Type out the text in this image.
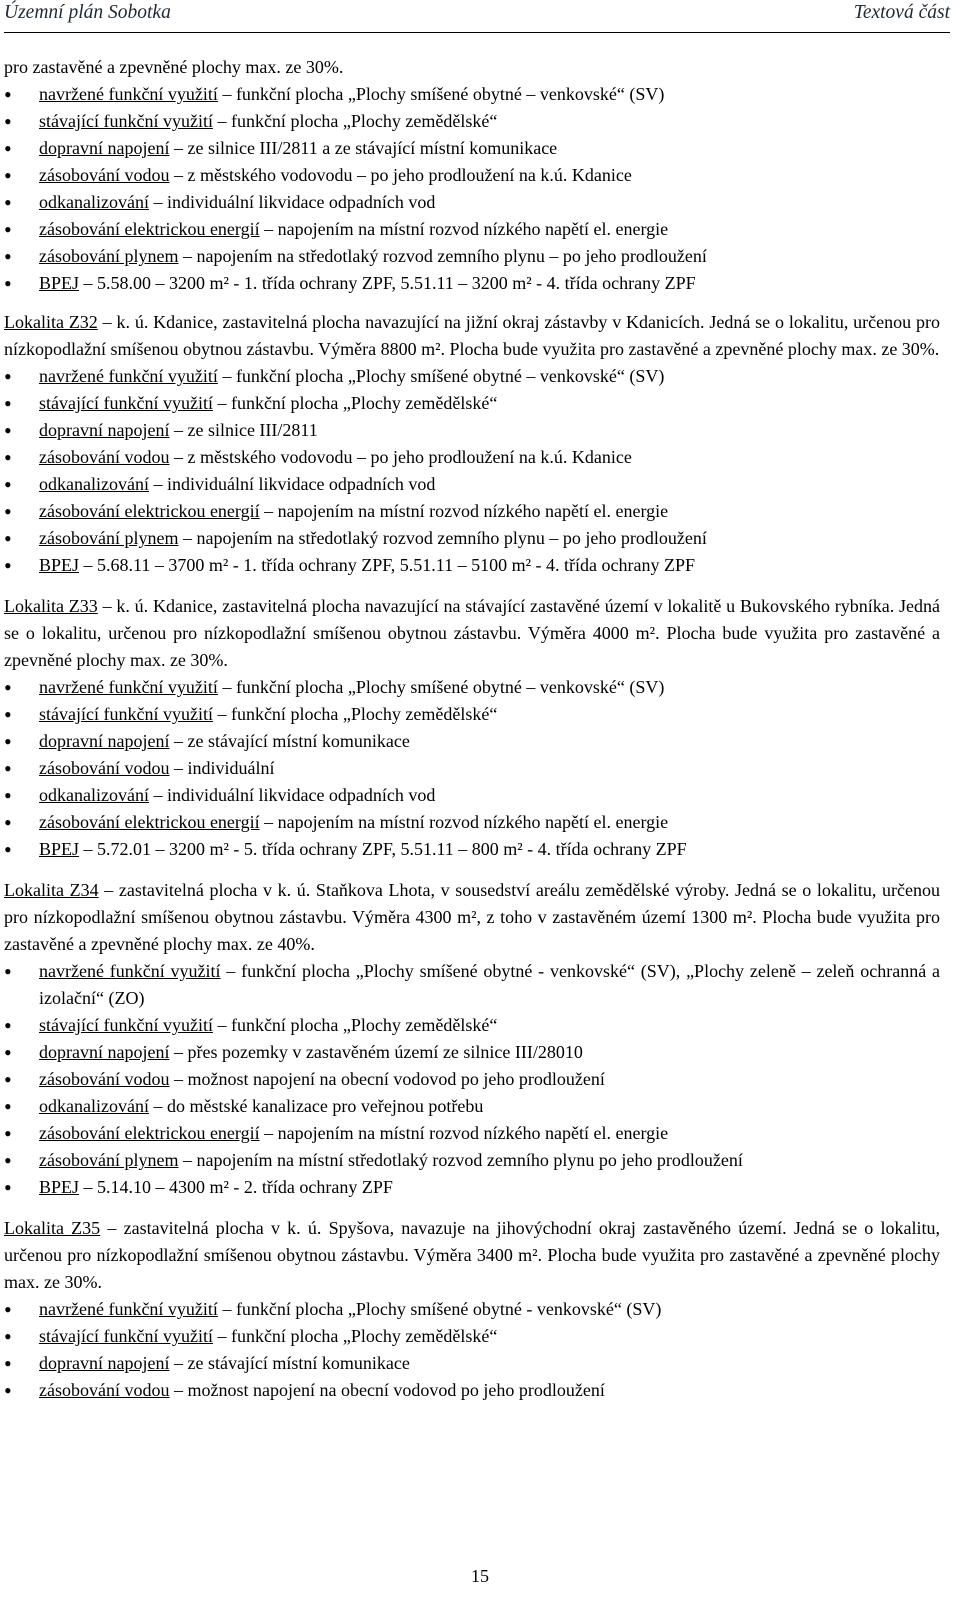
Územní plán Sobotka	Textová část

pro zastavěné a zpevněné plochy max. ze 30%.

• navržené funkční využití – funkční plocha „Plochy smíšené obytné – venkovské“ (SV)
• stávající funkční využití – funkční plocha „Plochy zemědělské“
• dopravní napojení – ze silnice III/2811 a ze stávající místní komunikace
• zásobování vodou – z městského vodovodu – po jeho prodloužení na k.ú. Kdanice
• odkanalizování – individuální likvidace odpadních vod
• zásobování elektrickou energií – napojením na místní rozvod nízkého napětí el. energie
• zásobování plynem – napojením na středotlaký rozvod zemního plynu – po jeho prodloužení
• BPEJ – 5.58.00 – 3200 m² - 1. třída ochrany ZPF, 5.51.11 – 3200 m² - 4. třída ochrany ZPF

Lokalita Z32 – k. ú. Kdanice, zastavitelná plocha navazující na jižní okraj zástavby v Kdanicích. Jedná se o lokalitu, určenou pro nízkopodlažní smíšenou obytnou zástavbu. Výměra 8800 m². Plocha bude využita pro zastavěné a zpevněné plochy max. ze 30%.

• navržené funkční využití – funkční plocha „Plochy smíšené obytné – venkovské“ (SV)
• stávající funkční využití – funkční plocha „Plochy zemědělské“
• dopravní napojení – ze silnice III/2811
• zásobování vodou – z městského vodovodu – po jeho prodloužení na k.ú. Kdanice
• odkanalizování – individuální likvidace odpadních vod
• zásobování elektrickou energií – napojením na místní rozvod nízkého napětí el. energie
• zásobování plynem – napojením na středotlaký rozvod zemního plynu – po jeho prodloužení
• BPEJ – 5.68.11 – 3700 m² - 1. třída ochrany ZPF, 5.51.11 – 5100 m² - 4. třída ochrany ZPF

Lokalita Z33 – k. ú. Kdanice, zastavitelná plocha navazující na stávající zastavěné území v lokalitě u Bukovského rybníka. Jedná se o lokalitu, určenou pro nízkopodlažní smíšenou obytnou zástavbu. Výměra 4000 m². Plocha bude využita pro zastavěné a zpevněné plochy max. ze 30%.

• navržené funkční využití – funkční plocha „Plochy smíšené obytné – venkovské“ (SV)
• stávající funkční využití – funkční plocha „Plochy zemědělské“
• dopravní napojení – ze stávající místní komunikace
• zásobování vodou – individuální
• odkanalizování – individuální likvidace odpadních vod
• zásobování elektrickou energií – napojením na místní rozvod nízkého napětí el. energie
• BPEJ – 5.72.01 – 3200 m² - 5. třída ochrany ZPF, 5.51.11 – 800 m² - 4. třída ochrany ZPF

Lokalita Z34 – zastavitelná plocha v k. ú. Staňkova Lhota, v sousedství areálu zemědělské výroby. Jedná se o lokalitu, určenou pro nízkopodlažní smíšenou obytnou zástavbu. Výměra 4300 m², z toho v zastavěném území 1300 m². Plocha bude využita pro zastavěné a zpevněné plochy max. ze 40%.

• navržené funkční využití – funkční plocha „Plochy smíšené obytné - venkovské“ (SV), „Plochy zeleně – zeleň ochranná a izolační“ (ZO)
• stávající funkční využití – funkční plocha „Plochy zemědělské“
• dopravní napojení – přes pozemky v zastavěném území ze silnice III/28010
• zásobování vodou – možnost napojení na obecní vodovod po jeho prodloužení
• odkanalizování – do městské kanalizace pro veřejnou potřebu
• zásobování elektrickou energií – napojením na místní rozvod nízkého napětí el. energie
• zásobování plynem – napojením na místní středotlaký rozvod zemního plynu po jeho prodloužení
• BPEJ – 5.14.10 – 4300 m² - 2. třída ochrany ZPF

Lokalita Z35 – zastavitelná plocha v k. ú. Spyšova, navazuje na jihovýchodní okraj zastavěného území. Jedná se o lokalitu, určenou pro nízkopodlažní smíšenou obytnou zástavbu. Výměra 3400 m². Plocha bude využita pro zastavěné a zpevněné plochy max. ze 30%.

• navržené funkční využití – funkční plocha „Plochy smíšené obytné - venkovské“ (SV)
• stávající funkční využití – funkční plocha „Plochy zemědělské“
• dopravní napojení – ze stávající místní komunikace
• zásobování vodou – možnost napojení na obecní vodovod po jeho prodloužení
15
